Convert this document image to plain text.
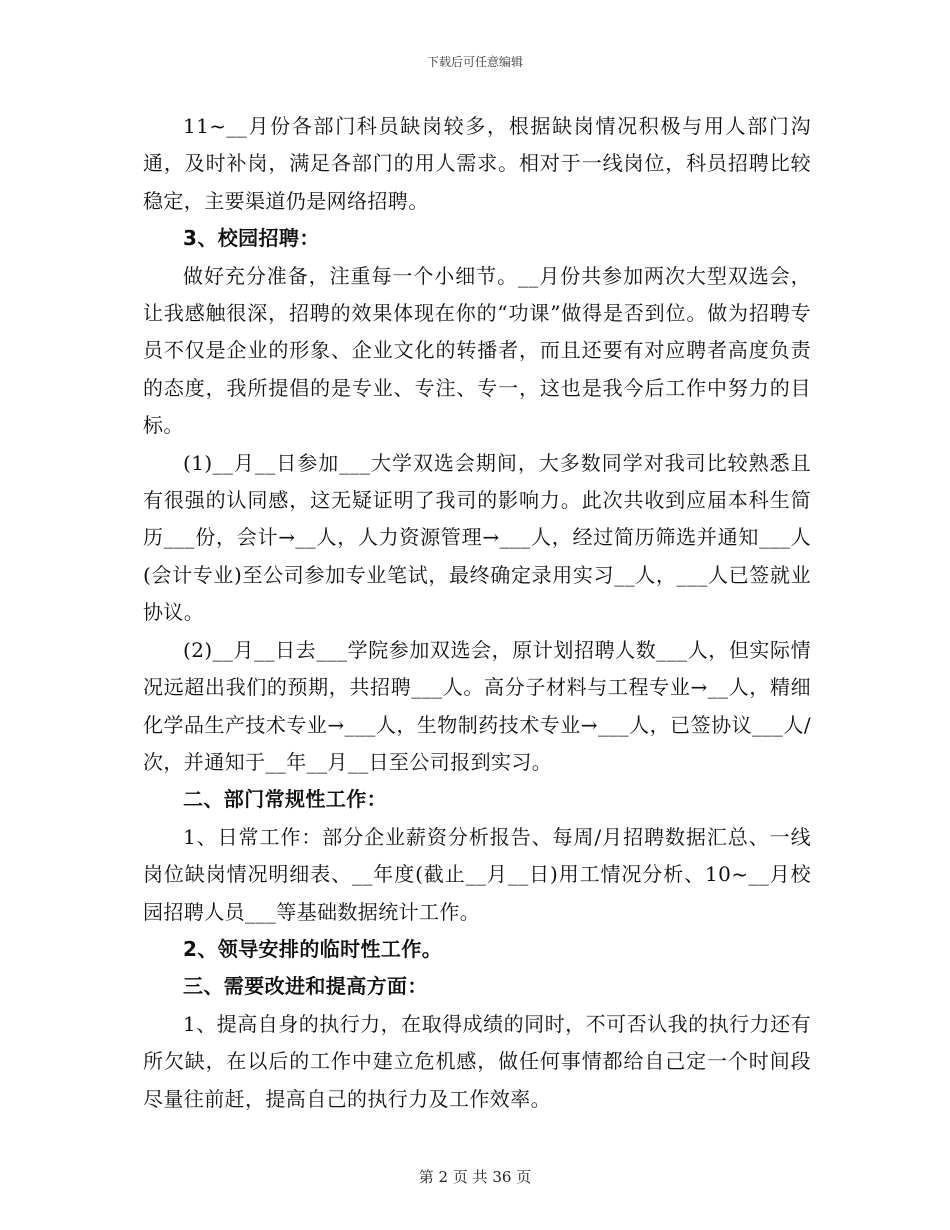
下载后可任意编辑

11~__月份各部门科员缺岗较多，根据缺岗情况积极与用人部门沟通，及时补岗，满足各部门的用人需求。相对于一线岗位，科员招聘比较稳定，主要渠道仍是网络招聘。

3、校园招聘：

做好充分准备，注重每一个小细节。__月份共参加两次大型双选会，让我感触很深，招聘的效果体现在你的“功课”做得是否到位。做为招聘专员不仅是企业的形象、企业文化的转播者，而且还要有对应聘者高度负责的态度，我所提倡的是专业、专注、专一，这也是我今后工作中努力的目标。

(1)__月__日参加___大学双选会期间，大多数同学对我司比较熟悉且有很强的认同感，这无疑证明了我司的影响力。此次共收到应届本科生简历___份，会计→__人，人力资源管理→___人，经过简历筛选并通知___人(会计专业)至公司参加专业笔试，最终确定录用实习__人，___人已签就业协议。

(2)__月__日去___学院参加双选会，原计划招聘人数___人，但实际情况远超出我们的预期，共招聘___人。高分子材料与工程专业→__人，精细化学品生产技术专业→___人，生物制药技术专业→___人，已签协议___人/次，并通知于__年__月__日至公司报到实习。

二、部门常规性工作：

1、日常工作：部分企业薪资分析报告、每周/月招聘数据汇总、一线岗位缺岗情况明细表、__年度(截止__月__日)用工情况分析、10~__月校园招聘人员___等基础数据统计工作。

2、领导安排的临时性工作。

三、需要改进和提高方面：

1、提高自身的执行力，在取得成绩的同时，不可否认我的执行力还有所欠缺，在以后的工作中建立危机感，做任何事情都给自己定一个时间段尽量往前赶，提高自己的执行力及工作效率。

第 2 页 共 36 页
